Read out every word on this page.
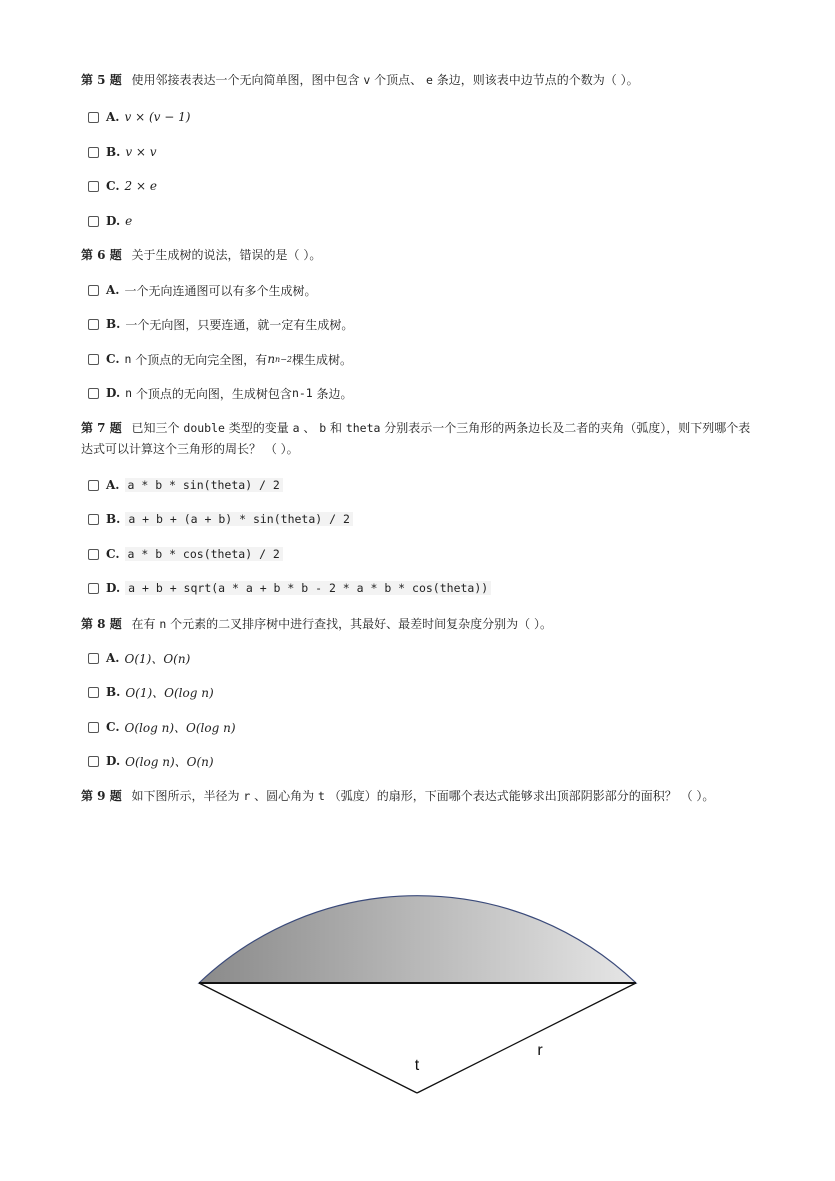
第 5 题 使用邻接表表达一个无向简单图，图中包含 v 个顶点、 e 条边，则该表中边节点的个数为（ ）。
A. v × (v − 1)
B. v × v
C. 2 × e
D. e
第 6 题 关于生成树的说法，错误的是（ ）。
A. 一个无向连通图可以有多个生成树。
B. 一个无向图，只要连通，就一定有生成树。
C. n
个顶点的无向完全图，有 n n−2 棵生成树。
D. n
个顶点的无向图，生成树包含 n-1
条边。
第 7 题 已知三个 double 类型的变量 a 、 b 和 theta 分别表示一个三角形的两条边长及二者的夹角（弧度），则下列哪个表达式可以计算这个三角形的周长？ （ ）。
A. a * b * sin(theta) / 2
B. a + b + (a + b) * sin(theta) / 2
C. a * b * cos(theta) / 2
D. a + b + sqrt(a * a + b * b - 2 * a * b * cos(theta))
第 8 题 在有 n 个元素的二叉排序树中进行查找，其最好、最差时间复杂度分别为（ ）。
A. O(1)、O(n)
B. O(1)、O(log n)
C. O(log n)、O(log n)
D. O(log n)、O(n)
第 9 题 如下图所示，半径为 r 、圆心角为 t （弧度）的扇形，下面哪个表达式能够求出顶部阴影部分的面积？ （ ）。
t
r
